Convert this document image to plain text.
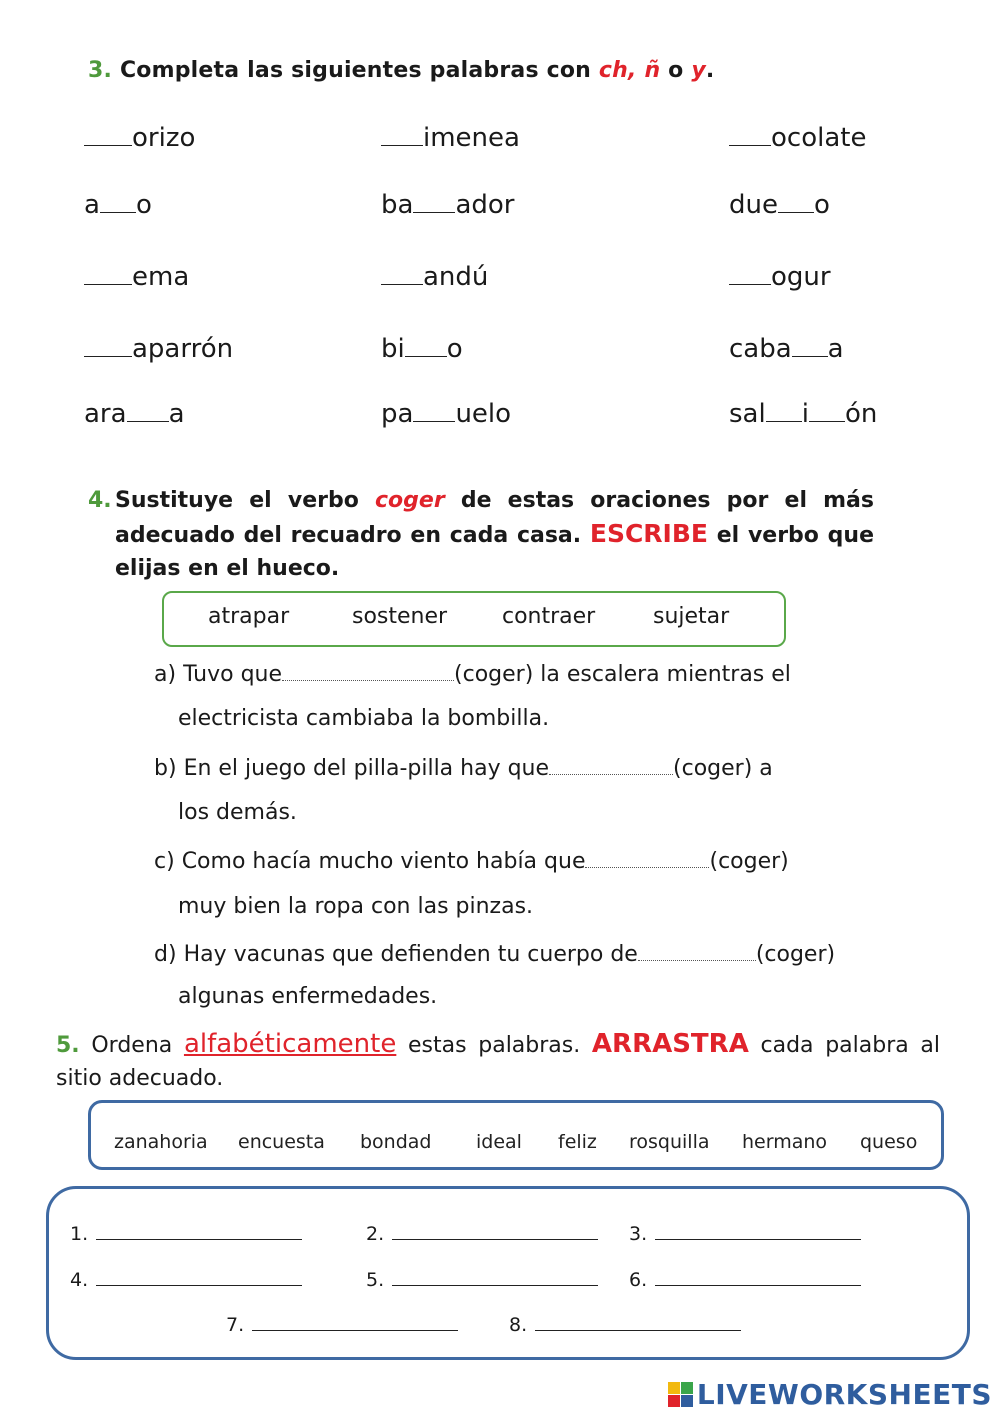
3. Completa las siguientes palabras con ch, ñ o y.
orizo	imenea	ocolate
a o	ba ador	due o
ema	andú	ogur
aparrón	bi o	caba a
ara a	pa uelo	sal i ón
4. Sustituye el verbo coger de estas oraciones por el más adecuado del recuadro en cada casa. ESCRIBE el verbo que elijas en el hueco.
atrapar	sostener contraer	sujetar
a) Tuvo que	(coger) la escalera mientras el
electricista cambiaba la bombilla.
b) En el juego del pilla-pilla hay que	(coger) a
los demás.
c) Como hacía mucho viento había que	(coger)
muy bien la ropa con las pinzas.
d) Hay vacunas que defienden tu cuerpo de	(coger)
algunas enfermedades.
5. Ordena alfabéticamente estas palabras. ARRASTRA cada palabra al sitio adecuado.
zanahoria encuesta bondad ideal feliz rosquilla hermano queso
1.	2.	3.
4.	5.	6.
7.	8.
LIVEWORKSHEETS
